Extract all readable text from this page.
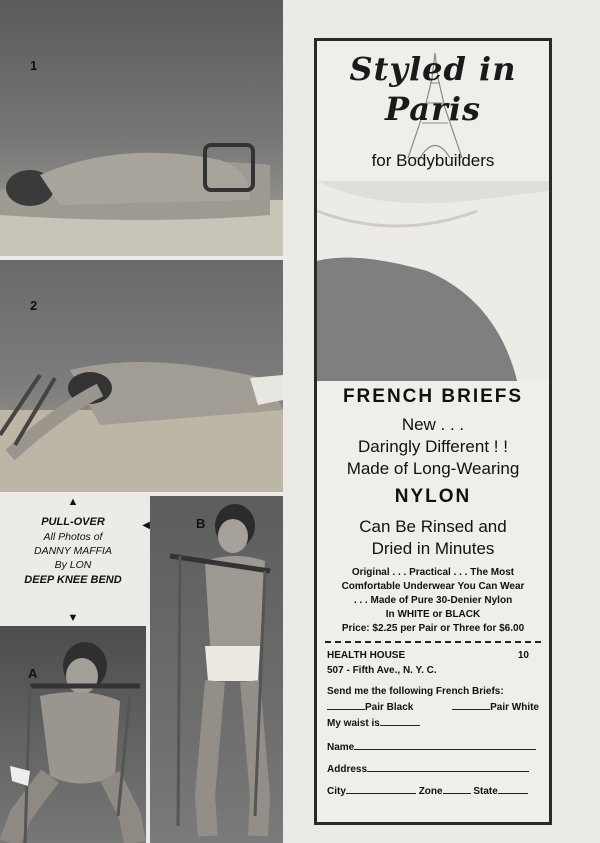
1
2
▲
PULL-OVER
All Photos of
DANNY MAFFIA
By LON
DEEP KNEE BEND
▼
◀
A
B
Styled in
Paris
for Bodybuilders
FRENCH BRIEFS
New . . .
Daringly Different ! !
Made of Long-Wearing
NYLON
Can Be Rinsed and
Dried in Minutes
Original . . . Practical . . . The Most
Comfortable Underwear You Can Wear
. . . Made of Pure 30-Denier Nylon
In WHITE or BLACK
Price: $2.25 per Pair or Three for $6.00
HEALTH HOUSE	10
507 - Fifth Ave., N. Y. C.
Send me the following French Briefs:
Pair Black	Pair White
My waist is
Name
Address
City	Zone	State
